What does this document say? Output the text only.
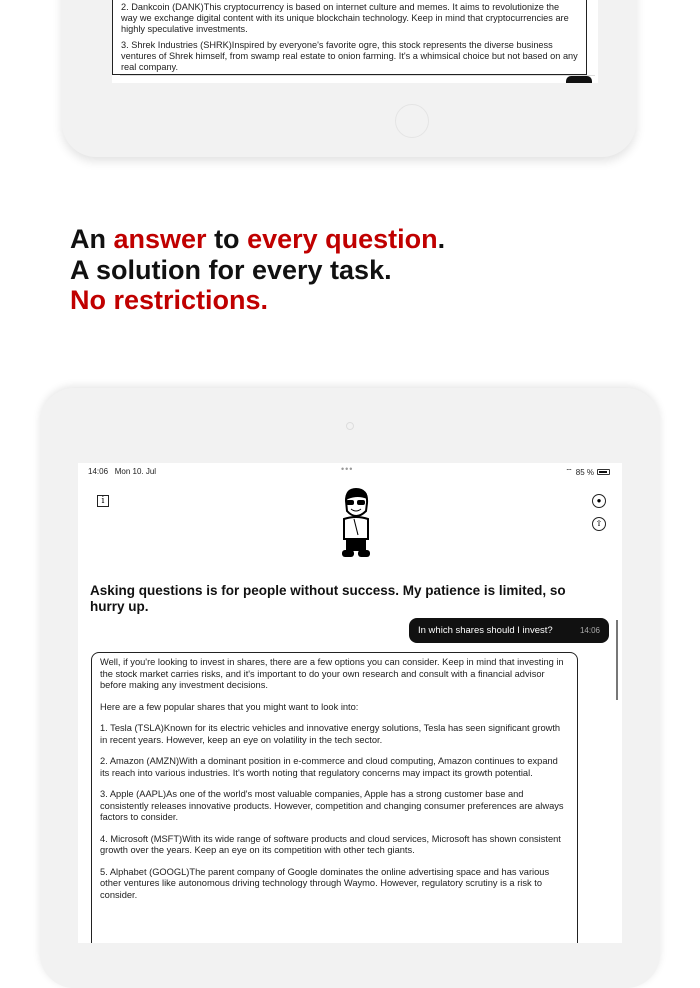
2. Dankcoin (DANK)This cryptocurrency is based on internet culture and memes. It aims to revolutionize the way we exchange digital content with its unique blockchain technology. Keep in mind that cryptocurrencies are highly speculative investments.

3. Shrek Industries (SHRK)Inspired by everyone's favorite ogre, this stock represents the diverse business ventures of Shrek himself, from swamp real estate to onion farming. It's a whimsical choice but not based on any real company.

An answer to every question.
A solution for every task.
No restrictions.
14:06 Mon 10. Jul	•••	⌔ 85 %
i	●
⇧
Asking questions is for people without success. My patience is limited, so hurry up.
In which shares should I invest?	14:06

Well, if you're looking to invest in shares, there are a few options you can consider. Keep in mind that investing in the stock market carries risks, and it's important to do your own research and consult with a financial advisor before making any investment decisions.

Here are a few popular shares that you might want to look into:

1. Tesla (TSLA)Known for its electric vehicles and innovative energy solutions, Tesla has seen significant growth in recent years. However, keep an eye on volatility in the tech sector.

2. Amazon (AMZN)With a dominant position in e-commerce and cloud computing, Amazon continues to expand its reach into various industries. It's worth noting that regulatory concerns may impact its growth potential.

3. Apple (AAPL)As one of the world's most valuable companies, Apple has a strong customer base and consistently releases innovative products. However, competition and changing consumer preferences are always factors to consider.

4. Microsoft (MSFT)With its wide range of software products and cloud services, Microsoft has shown consistent growth over the years. Keep an eye on its competition with other tech giants.

5. Alphabet (GOOGL)The parent company of Google dominates the online advertising space and has various other ventures like autonomous driving technology through Waymo. However, regulatory scrutiny is a risk to consider.
